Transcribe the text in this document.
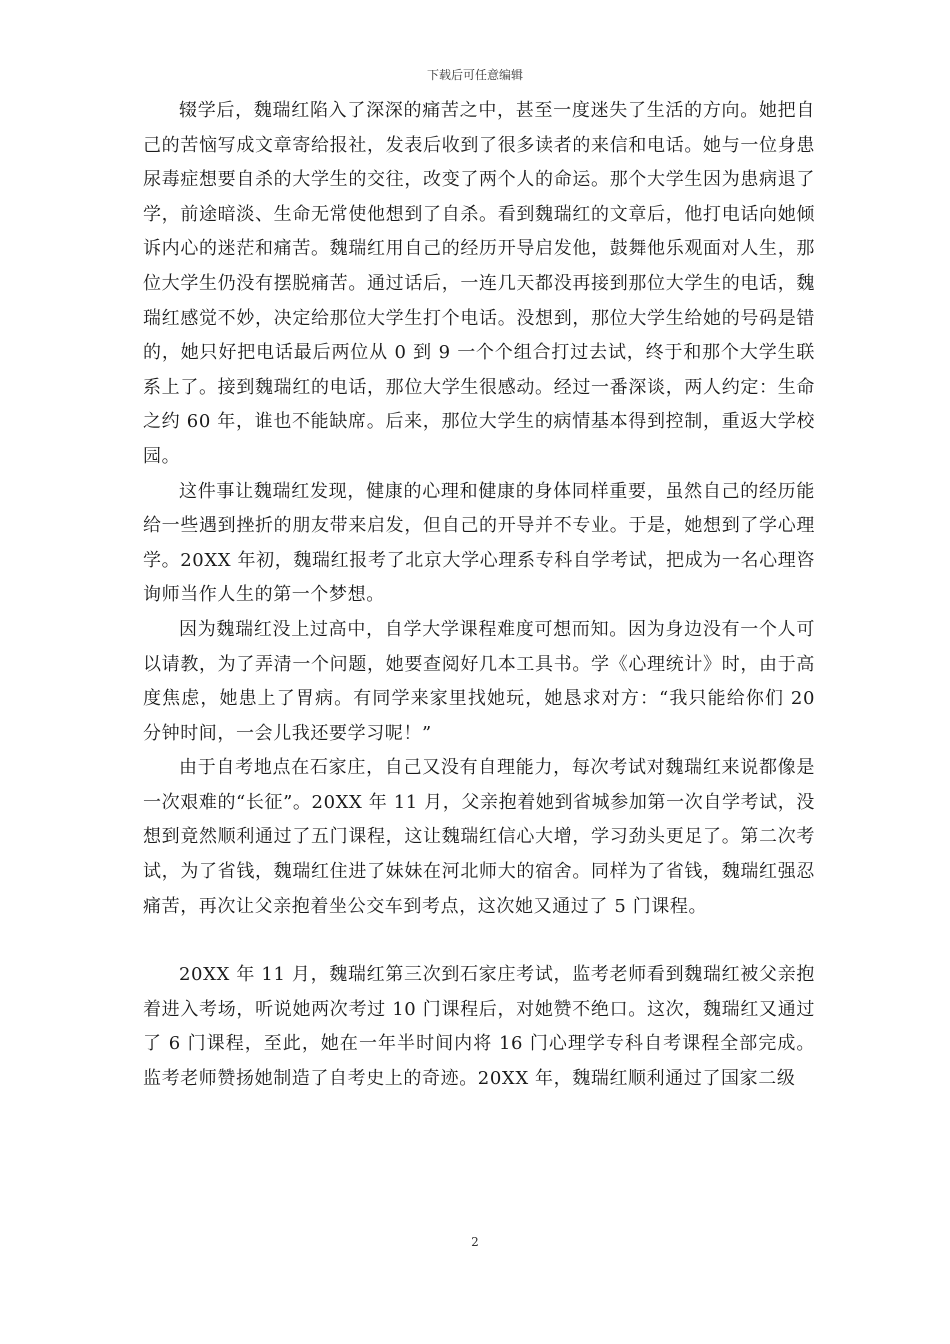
下载后可任意编辑

辍学后，魏瑞红陷入了深深的痛苦之中，甚至一度迷失了生活的方向。她把自己的苦恼写成文章寄给报社，发表后收到了很多读者的来信和电话。她与一位身患尿毒症想要自杀的大学生的交往，改变了两个人的命运。那个大学生因为患病退了学，前途暗淡、生命无常使他想到了自杀。看到魏瑞红的文章后，他打电话向她倾诉内心的迷茫和痛苦。魏瑞红用自己的经历开导启发他，鼓舞他乐观面对人生，那位大学生仍没有摆脱痛苦。通过话后，一连几天都没再接到那位大学生的电话，魏瑞红感觉不妙，决定给那位大学生打个电话。没想到，那位大学生给她的号码是错的，她只好把电话最后两位从 0 到 9 一个个组合打过去试，终于和那个大学生联系上了。接到魏瑞红的电话，那位大学生很感动。经过一番深谈，两人约定：生命之约 60 年，谁也不能缺席。后来，那位大学生的病情基本得到控制，重返大学校园。

这件事让魏瑞红发现，健康的心理和健康的身体同样重要，虽然自己的经历能给一些遇到挫折的朋友带来启发，但自己的开导并不专业。于是，她想到了学心理学。20XX 年初，魏瑞红报考了北京大学心理系专科自学考试，把成为一名心理咨询师当作人生的第一个梦想。

因为魏瑞红没上过高中，自学大学课程难度可想而知。因为身边没有一个人可以请教，为了弄清一个问题，她要查阅好几本工具书。学《心理统计》时，由于高度焦虑，她患上了胃病。有同学来家里找她玩，她恳求对方：“我只能给你们 20 分钟时间，一会儿我还要学习呢！”

由于自考地点在石家庄，自己又没有自理能力，每次考试对魏瑞红来说都像是一次艰难的“长征”。20XX 年 11 月，父亲抱着她到省城参加第一次自学考试，没想到竟然顺利通过了五门课程，这让魏瑞红信心大增，学习劲头更足了。第二次考试，为了省钱，魏瑞红住进了妹妹在河北师大的宿舍。同样为了省钱，魏瑞红强忍痛苦，再次让父亲抱着坐公交车到考点，这次她又通过了 5 门课程。

20XX 年 11 月，魏瑞红第三次到石家庄考试，监考老师看到魏瑞红被父亲抱着进入考场，听说她两次考过 10 门课程后，对她赞不绝口。这次，魏瑞红又通过了 6 门课程，至此，她在一年半时间内将 16 门心理学专科自考课程全部完成。监考老师赞扬她制造了自考史上的奇迹。20XX 年，魏瑞红顺利通过了国家二级

2
